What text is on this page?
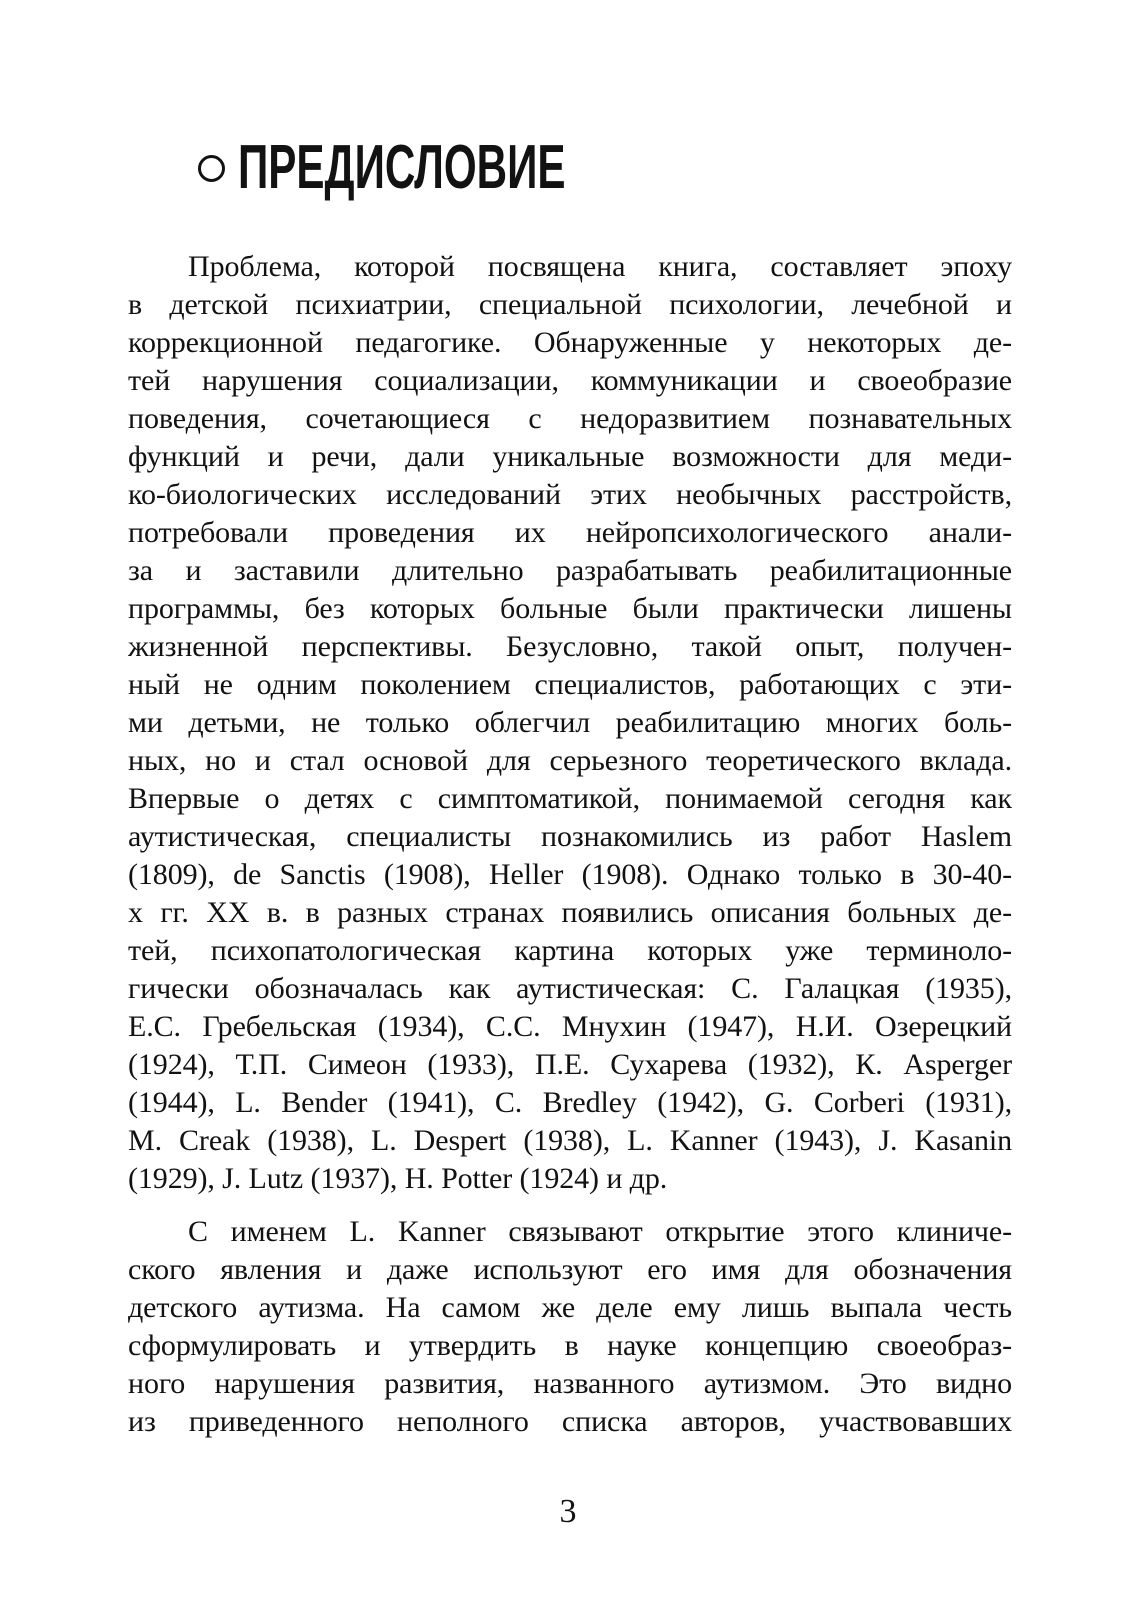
ПРЕДИСЛОВИЕ
Проблема, которой посвящена книга, составляет эпоху
в детской психиатрии, специальной психологии, лечебной и
коррекционной педагогике. Обнаруженные у некоторых де-
тей нарушения социализации, коммуникации и своеобразие
поведения, сочетающиеся с недоразвитием познавательных
функций и речи, дали уникальные возможности для меди-
ко-биологических исследований этих необычных расстройств,
потребовали проведения их нейропсихологического анали-
за и заставили длительно разрабатывать реабилитационные
программы, без которых больные были практически лишены
жизненной перспективы. Безусловно, такой опыт, получен-
ный не одним поколением специалистов, работающих с эти-
ми детьми, не только облегчил реабилитацию многих боль-
ных, но и стал основой для серьезного теоретического вклада.
Впервые о детях с симптоматикой, понимаемой сегодня как
аутистическая, специалисты познакомились из работ Haslem
(1809), de Sanctis (1908), Heller (1908). Однако только в 30-40-
х гг. XX в. в разных странах появились описания больных де-
тей, психопатологическая картина которых уже терминоло-
гически обозначалась как аутистическая: С. Галацкая (1935),
Е.С. Гребельская (1934), С.С. Мнухин (1947), Н.И. Озерецкий
(1924), Т.П. Симеон (1933), П.Е. Сухарева (1932), К. Asperger
(1944), L. Bender (1941), C. Bredley (1942), G. Corberi (1931),
M. Creak (1938), L. Despert (1938), L. Kanner (1943), J. Kasanin
(1929), J. Lutz (1937), H. Potter (1924) и др.
С именем L. Kanner связывают открытие этого клиниче-
ского явления и даже используют его имя для обозначения
детского аутизма. На самом же деле ему лишь выпала честь
сформулировать и утвердить в науке концепцию своеобраз-
ного нарушения развития, названного аутизмом. Это видно
из приведенного неполного списка авторов, участвовавших
3
